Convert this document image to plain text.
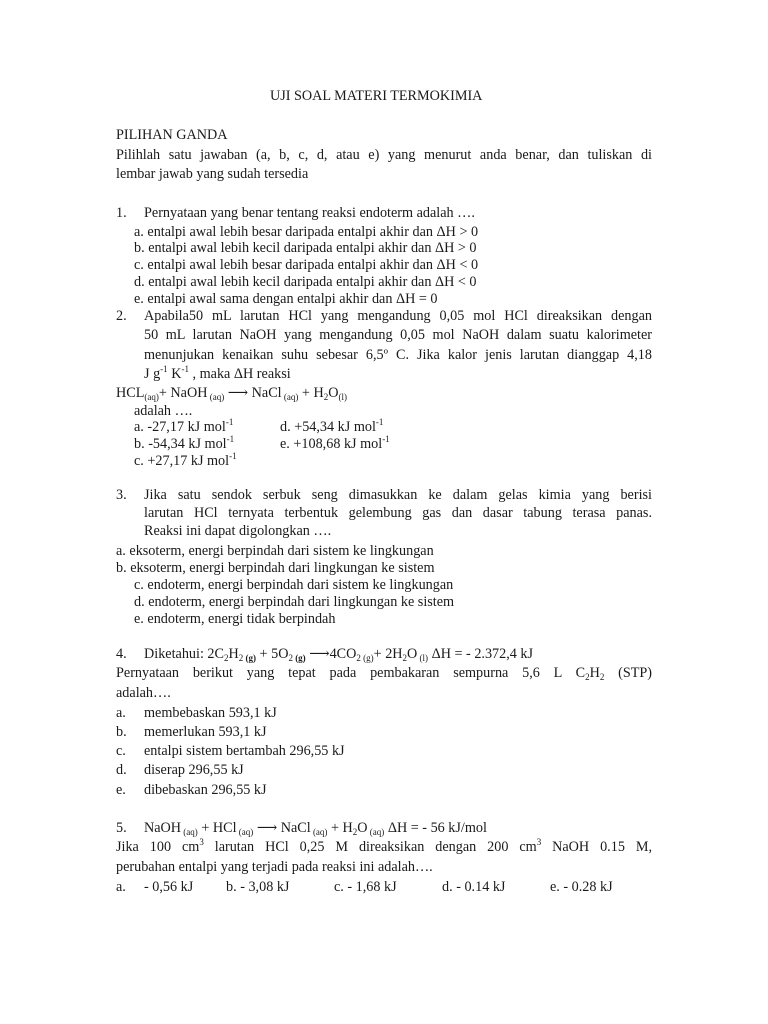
UJI SOAL MATERI TERMOKIMIA
PILIHAN GANDA
Pilihlah satu jawaban (a, b, c, d, atau e) yang menurut anda benar, dan tuliskan di
lembar jawab yang sudah tersedia
1. Pernyataan yang benar tentang reaksi endoterm adalah ….
a. entalpi awal lebih besar daripada entalpi akhir dan ΔH > 0
b. entalpi awal lebih kecil daripada entalpi akhir dan ΔH > 0
c. entalpi awal lebih besar daripada entalpi akhir dan ΔH < 0
d. entalpi awal lebih kecil daripada entalpi akhir dan ΔH < 0
e. entalpi awal sama dengan entalpi akhir dan ΔH = 0
2. Apabila50 mL larutan HCl yang mengandung 0,05 mol HCl direaksikan dengan
50 mL larutan NaOH yang mengandung 0,05 mol NaOH dalam suatu kalorimeter
menunjukan kenaikan suhu sebesar 6,5º C. Jika kalor jenis larutan dianggap 4,18
J $g^{-1}$ $K^{-1}$ , maka ΔH reaksi
$HCL_{(aq)}+$ NaOH $_{(aq)}$ ⟶ NaCl $_{(aq)} + H_2O_{(l)}$
adalah ….
a. -27,17 kJ mol$^{-1}$	d. +54,34 kJ mol$^{-1}$
b. -54,34 kJ mol$^{-1}$	e. +108,68 kJ mol$^{-1}$
c. +27,17 kJ mol$^{-1}$
3. Jika satu sendok serbuk seng dimasukkan ke dalam gelas kimia yang berisi
larutan HCl ternyata terbentuk gelembung gas dan dasar tabung terasa panas.
Reaksi ini dapat digolongkan ….
a. eksoterm, energi berpindah dari sistem ke lingkungan
b. eksoterm, energi berpindah dari lingkungan ke sistem
c. endoterm, energi berpindah dari sistem ke lingkungan
d. endoterm, energi berpindah dari lingkungan ke sistem
e. endoterm, energi tidak berpindah
4. Diketahui: $2C_2H_2$ $_{(g)} + 5O_2$ $_{(g)}$ $⟶4CO_2$ $_{(g)}+ 2H_2O$ $_{(l)}$ ΔH = - 2.372,4 kJ
Pernyataan berikut yang tepat pada pembakaran sempurna 5,6 L $C_2H_2$ (STP)
adalah….
a. membebaskan 593,1 kJ
b. memerlukan 593,1 kJ
c. entalpi sistem bertambah 296,55 kJ
d. diserap 296,55 kJ
e. dibebaskan 296,55 kJ
5. NaOH $_{(aq)}$ + HCl $_{(aq)}$ ⟶ NaCl $_{(aq)} + H_2O$ $_{(aq)}$ ΔH = - 56 kJ/mol
Jika 100 $cm^3$ larutan HCl 0,25 M direaksikan dengan 200 $cm^3$ NaOH 0.15 M,
perubahan entalpi yang terjadi pada reaksi ini adalah….
a. - 0,56 kJ b. - 3,08 kJ	c. - 1,68 kJ	d. - 0.14 kJ	e. - 0.28 kJ
